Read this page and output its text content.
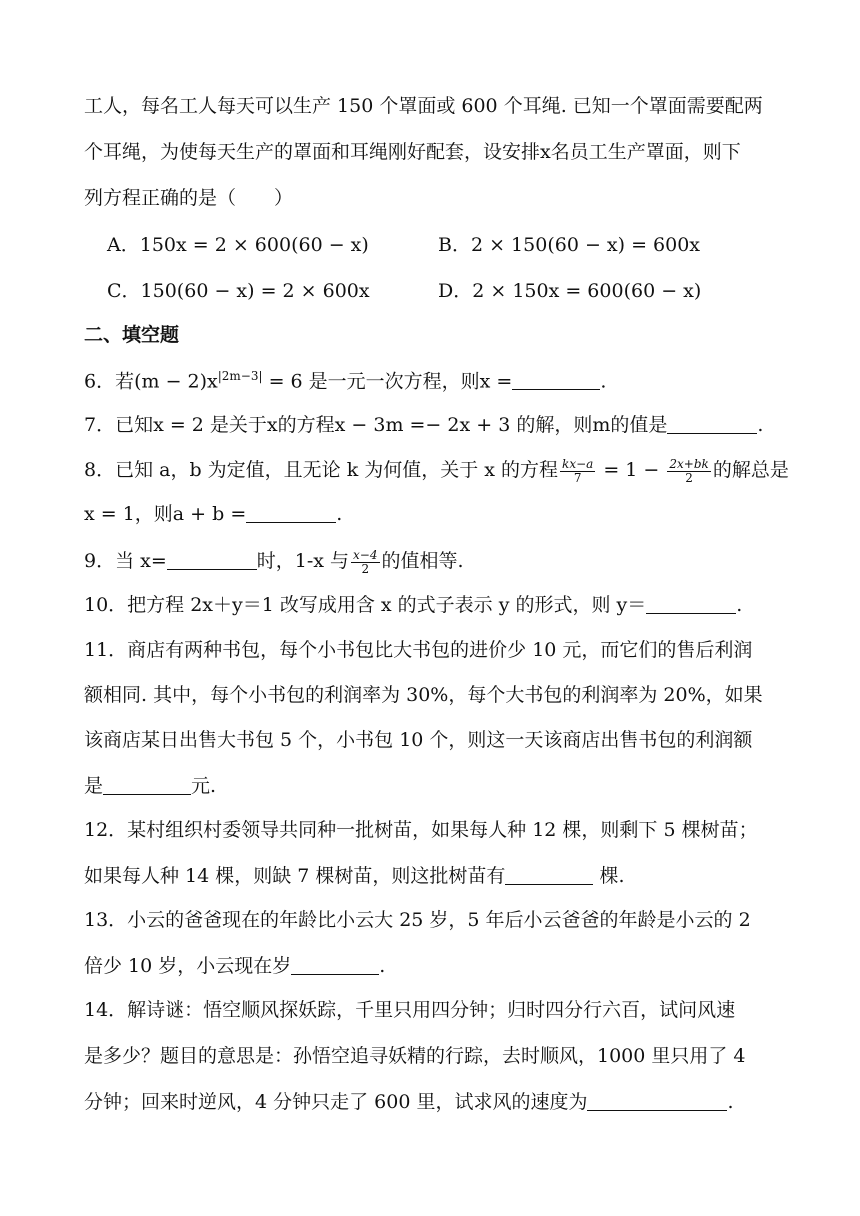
工人，每名工人每天可以生产 150 个罩面或 600 个耳绳. 已知一个罩面需要配两
个耳绳，为使每天生产的罩面和耳绳刚好配套，设安排x名员工生产罩面，则下
列方程正确的是（　　）
A．150x = 2 × 600(60 − x)	B．2 × 150(60 − x) = 600x
C．150(60 − x) = 2 × 600x	D．2 × 150x = 600(60 − x)
二、填空题
6．若$(m - 2)x^{|2m-3|} = 6$ 是一元一次方程，则x =	.
7．已知x = 2 是关于x的方程x − 3m =− 2x + 3 的解，则m的值是	.
8．已知 a，b 为定值，且无论 k 为何值，关于 x 的方程 $\frac{kx-a}{7} = 1 - \frac{2x+bk}{2}$ 的解总是
x = 1，则a + b =	.
9．当 x=	时，1-x 与 $\frac{x-4}{2}$ 的值相等.
10．把方程 2x＋y＝1 改写成用含 x 的式子表示 y 的形式，则 y＝	.
11．商店有两种书包，每个小书包比大书包的进价少 10 元，而它们的售后利润
额相同. 其中，每个小书包的利润率为 30%，每个大书包的利润率为 20%，如果
该商店某日出售大书包 5 个，小书包 10 个，则这一天该商店出售书包的利润额
是	元.
12．某村组织村委领导共同种一批树苗，如果每人种 12 棵，则剩下 5 棵树苗；
如果每人种 14 棵，则缺 7 棵树苗，则这批树苗有	棵.
13．小云的爸爸现在的年龄比小云大 25 岁，5 年后小云爸爸的年龄是小云的 2
倍少 10 岁，小云现在岁	.
14．解诗谜：悟空顺风探妖踪，千里只用四分钟；归时四分行六百，试问风速
是多少？题目的意思是：孙悟空追寻妖精的行踪，去时顺风，1000 里只用了 4
分钟；回来时逆风，4 分钟只走了 600 里，试求风的速度为	.
